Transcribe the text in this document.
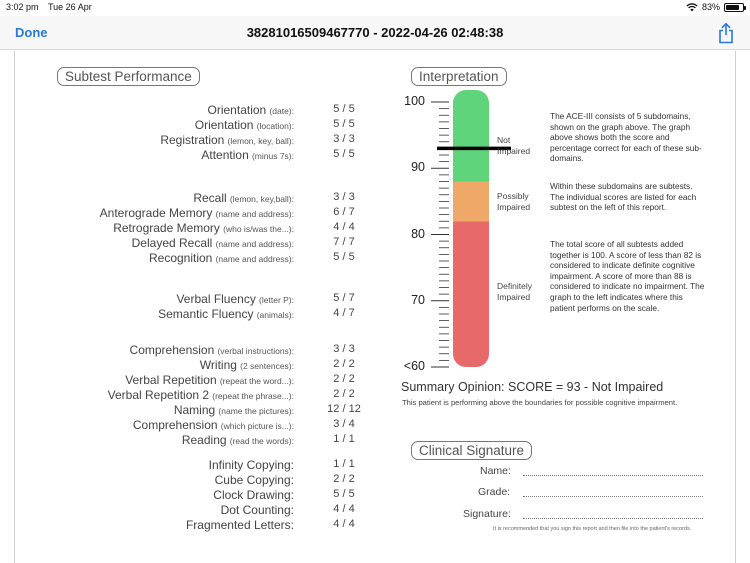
3:02 pm Tue 26 Apr	83%
Done	38281016509467770 - 2022-04-26 02:48:38
Subtest Performance
Orientation (date):	5 / 5
Orientation (location):	5 / 5
Registration (lemon, key, ball):	3 / 3
Attention (minus 7s):	5 / 5
Recall (lemon, key,ball):	3 / 3
Anterograde Memory (name and address):	6 / 7
Retrograde Memory (who is/was the...):	4 / 4
Delayed Recall (name and address):	7 / 7
Recognition (name and address):	5 / 5
Verbal Fluency (letter P):	5 / 7
Semantic Fluency (animals):	4 / 7
Comprehension (verbal instructions):	3 / 3
Writing (2 sentences):	2 / 2
Verbal Repetition (repeat the word...):	2 / 2
Verbal Repetition 2 (repeat the phrase...):	2 / 2
Naming (name the pictures):	12 / 12
Comprehension (which picture is...):	3 / 4
Reading (read the words):	1 / 1
Infinity Copying:	1 / 1
Cube Copying:	2 / 2
Clock Drawing:	5 / 5
Dot Counting:	4 / 4
Fragmented Letters:	4 / 4
Interpretation
100
90
80
70
<60
Not
Impaired
Possibly
Impaired
Definitely
Impaired
The ACE-III consists of 5 subdomains, shown on the graph above. The graph above shows both the score and percentage correct for each of these sub-domains.
Within these subdomains are subtests. The individual scores are listed for each subtest on the left of this report.
The total score of all subtests added together is 100. A score of less than 82 is considered to indicate definite cognitive impairment. A score of more than 88 is considered to indicate no impairment. The graph to the left indicates where this patient performs on the scale.
Summary Opinion: SCORE = 93 - Not Impaired
This patient is performing above the boundaries for possible cognitive impairment.
Clinical Signature
Name:
Grade:
Signature:
It is recommended that you sign this report and then file into the patient's records.
